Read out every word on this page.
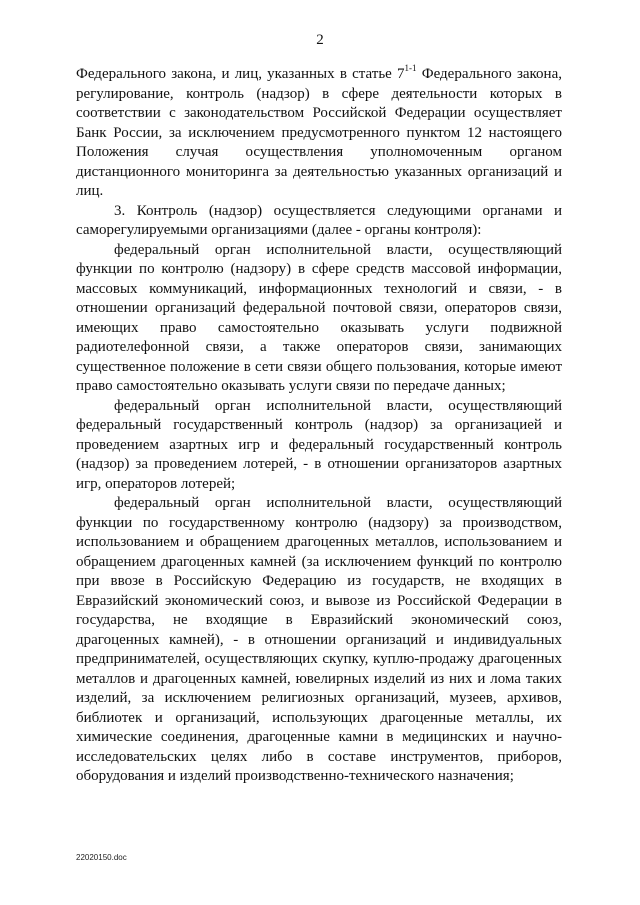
2

Федерального закона, и лиц, указанных в статье 7$^{1-1}$ Федерального закона, регулирование, контроль (надзор) в сфере деятельности которых в соответствии с законодательством Российской Федерации осуществляет Банк России, за исключением предусмотренного пунктом 12 настоящего Положения случая осуществления уполномоченным органом дистанционного мониторинга за деятельностью указанных организаций и лиц.

3. Контроль (надзор) осуществляется следующими органами и саморегулируемыми организациями (далее - органы контроля):

федеральный орган исполнительной власти, осуществляющий функции по контролю (надзору) в сфере средств массовой информации, массовых коммуникаций, информационных технологий и связи, - в отношении организаций федеральной почтовой связи, операторов связи, имеющих право самостоятельно оказывать услуги подвижной радиотелефонной связи, а также операторов связи, занимающих существенное положение в сети связи общего пользования, которые имеют право самостоятельно оказывать услуги связи по передаче данных;

федеральный орган исполнительной власти, осуществляющий федеральный государственный контроль (надзор) за организацией и проведением азартных игр и федеральный государственный контроль (надзор) за проведением лотерей, - в отношении организаторов азартных игр, операторов лотерей;

федеральный орган исполнительной власти, осуществляющий функции по государственному контролю (надзору) за производством, использованием и обращением драгоценных металлов, использованием и обращением драгоценных камней (за исключением функций по контролю при ввозе в Российскую Федерацию из государств, не входящих в Евразийский экономический союз, и вывозе из Российской Федерации в государства, не входящие в Евразийский экономический союз, драгоценных камней), - в отношении организаций и индивидуальных предпринимателей, осуществляющих скупку, куплю-продажу драгоценных металлов и драгоценных камней, ювелирных изделий из них и лома таких изделий, за исключением религиозных организаций, музеев, архивов, библиотек и организаций, использующих драгоценные металлы, их химические соединения, драгоценные камни в медицинских и научно-исследовательских целях либо в составе инструментов, приборов, оборудования и изделий производственно-технического назначения;

22020150.doc
